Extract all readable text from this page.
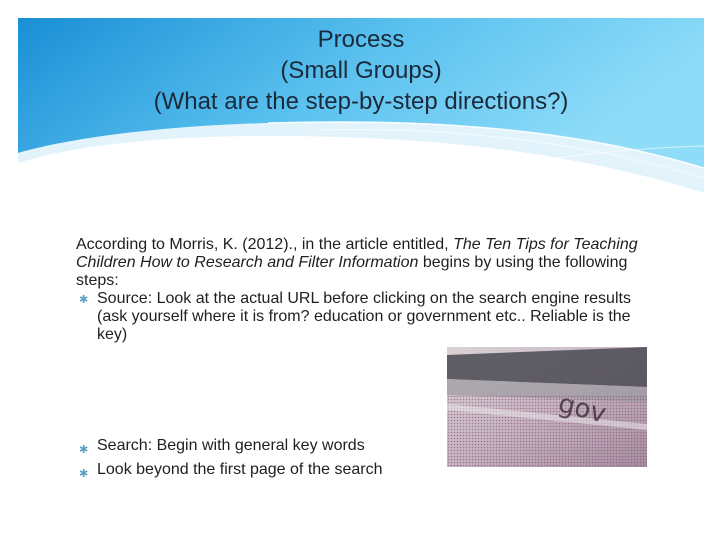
Process
(Small Groups)
(What are the step-by-step directions?)

According to Morris, K. (2012)., in the article entitled, The Ten Tips for Teaching Children How to Research and Filter Information begins by using the following steps:

✱ Source: Look at the actual URL before clicking on the search engine results (ask yourself where it is from? education or government etc.. Reliable is the key)
✱ Search: Begin with general key words
✱ Look beyond the first page of the search
gov
